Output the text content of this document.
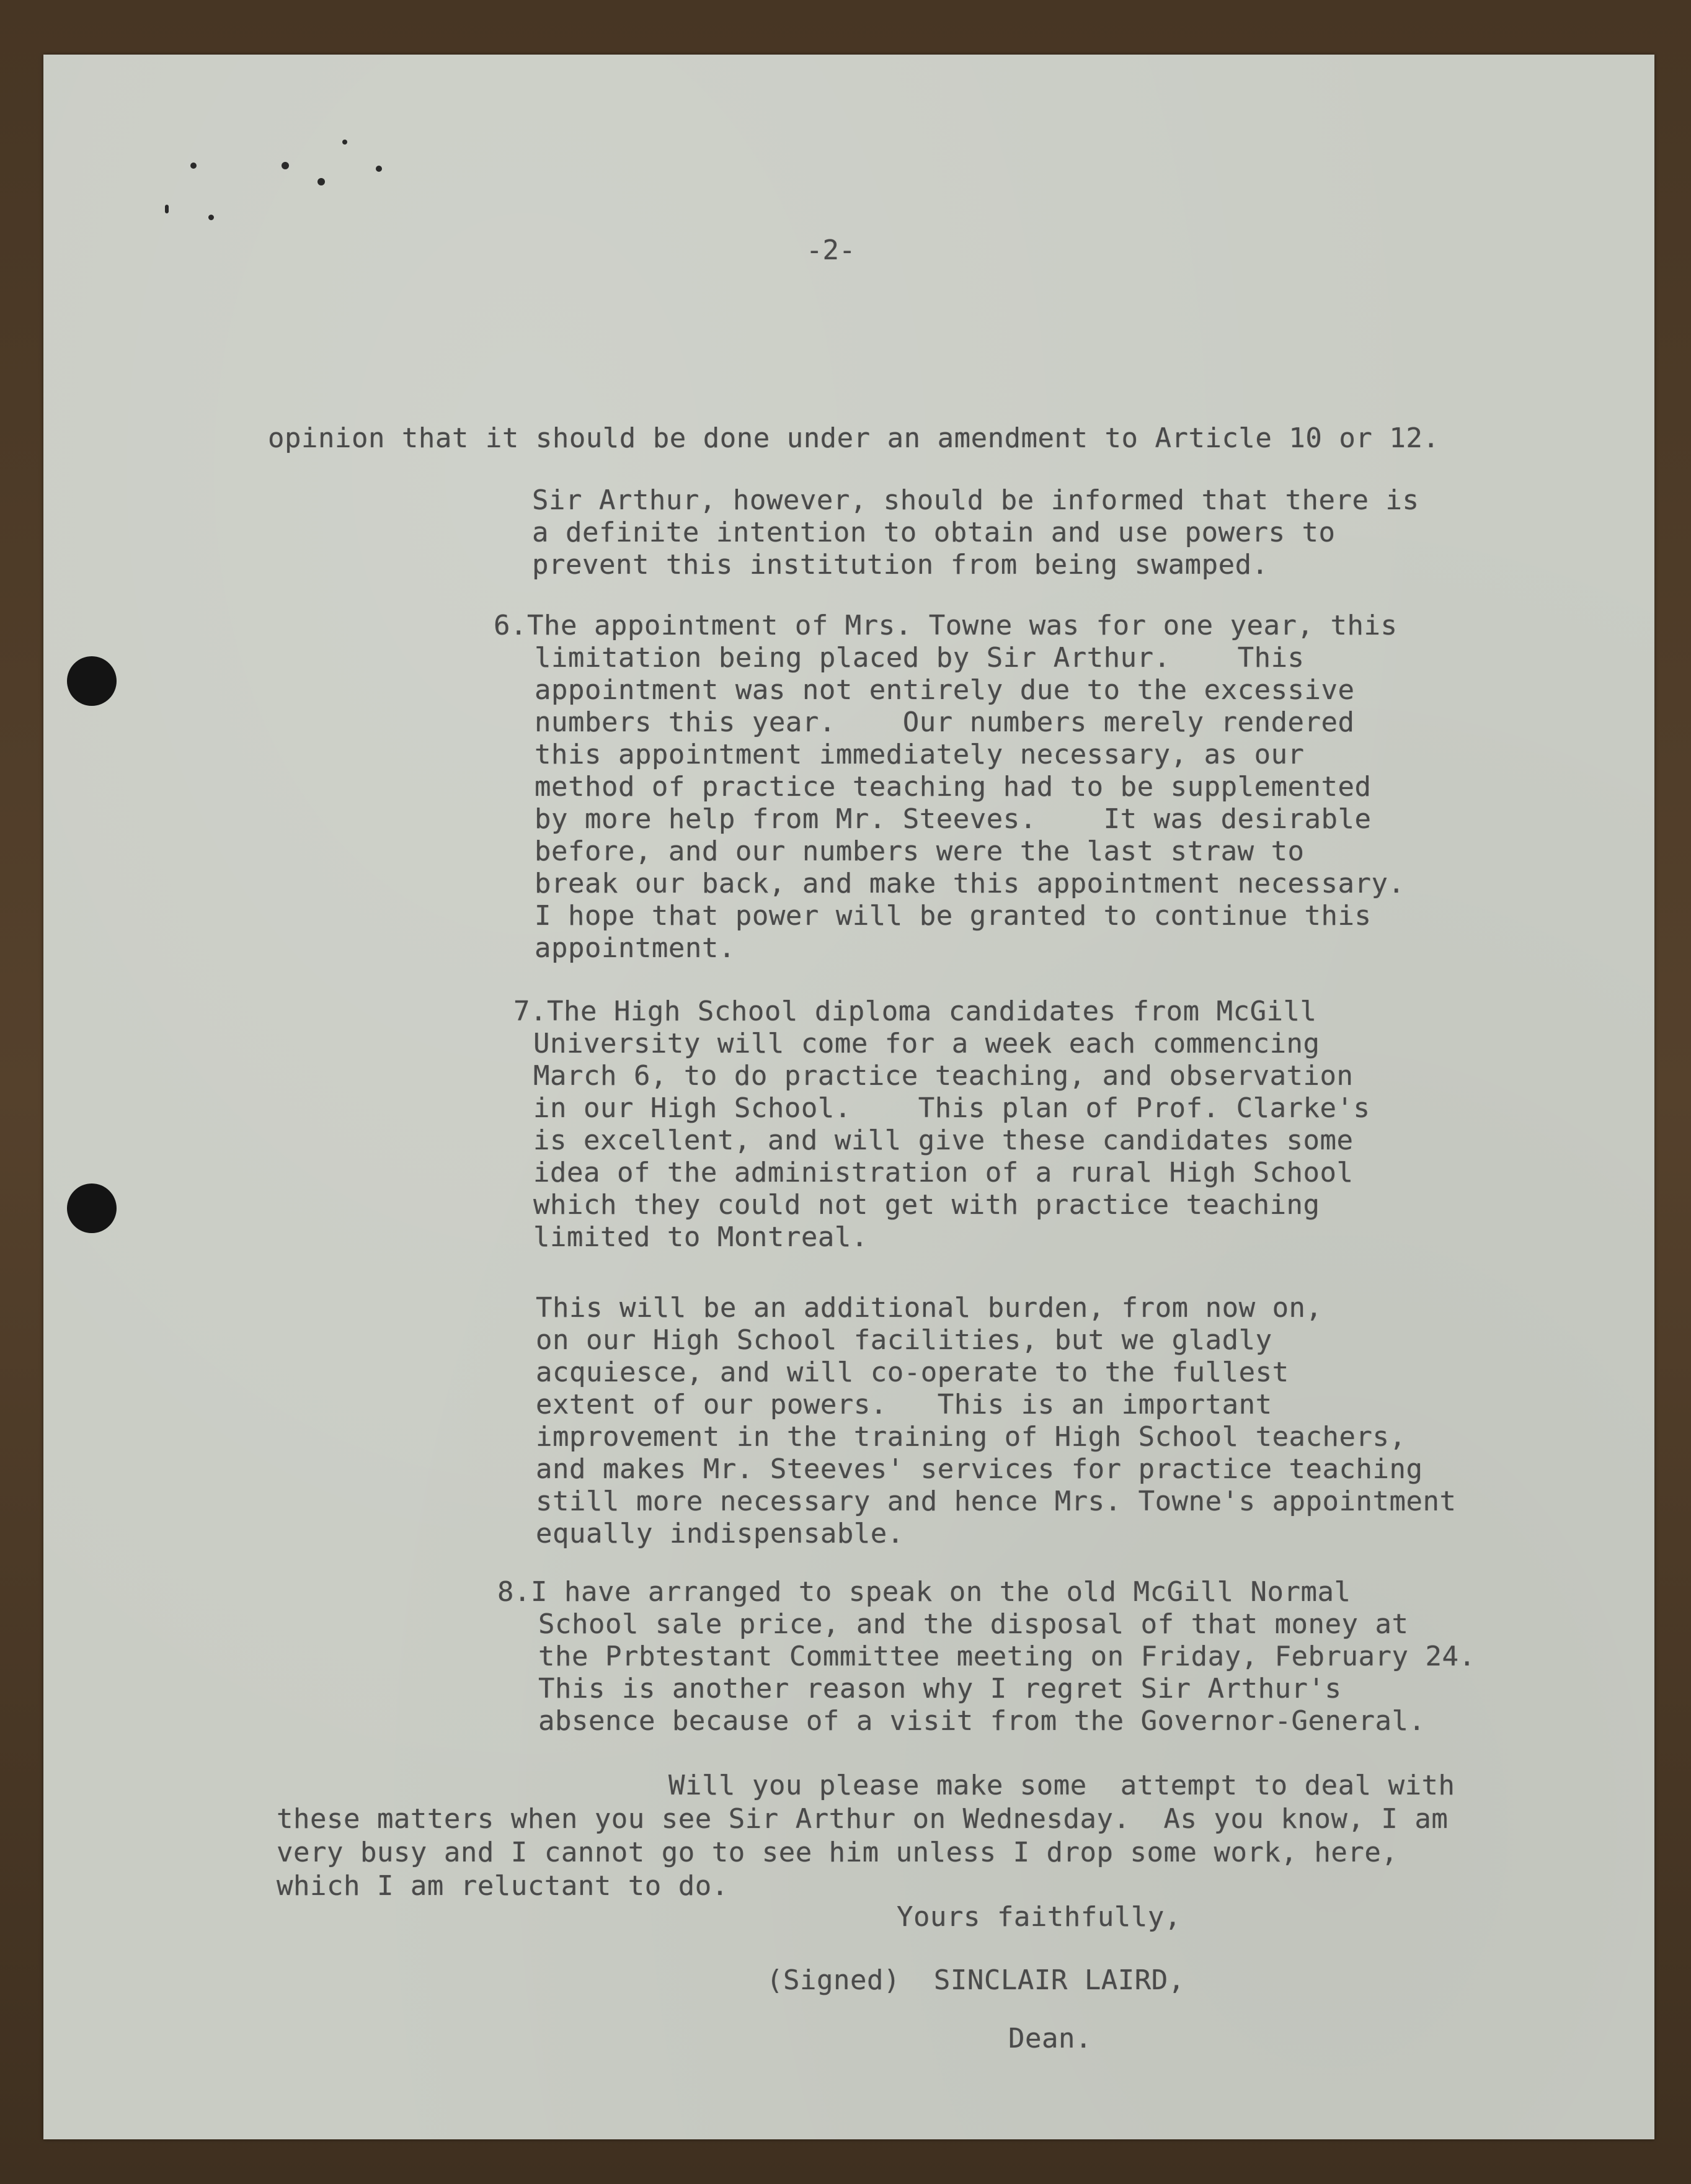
-2-
opinion that it should be done under an amendment to Article 10 or 12.
Sir Arthur, however, should be informed that there is
a definite intention to obtain and use powers to
prevent this institution from being swamped.
6.The appointment of Mrs. Towne was for one year, this
limitation being placed by Sir Arthur.    This
appointment was not entirely due to the excessive
numbers this year.    Our numbers merely rendered
this appointment immediately necessary, as our
method of practice teaching had to be supplemented
by more help from Mr. Steeves.    It was desirable
before, and our numbers were the last straw to
break our back, and make this appointment necessary.
I hope that power will be granted to continue this
appointment.
7.The High School diploma candidates from McGill
University will come for a week each commencing
March 6, to do practice teaching, and observation
in our High School.    This plan of Prof. Clarke's
is excellent, and will give these candidates some
idea of the administration of a rural High School
which they could not get with practice teaching
limited to Montreal.
This will be an additional burden, from now on,
on our High School facilities, but we gladly
acquiesce, and will co-operate to the fullest
extent of our powers.   This is an important
improvement in the training of High School teachers,
and makes Mr. Steeves' services for practice teaching
still more necessary and hence Mrs. Towne's appointment
equally indispensable.
8.I have arranged to speak on the old McGill Normal
School sale price, and the disposal of that money at
the Prbtestant Committee meeting on Friday, February 24.
This is another reason why I regret Sir Arthur's
absence because of a visit from the Governor-General.
Will you please make some  attempt to deal with
these matters when you see Sir Arthur on Wednesday.  As you know, I am
very busy and I cannot go to see him unless I drop some work, here,
which I am reluctant to do.
Yours faithfully,
(Signed)  SINCLAIR LAIRD,
Dean.
